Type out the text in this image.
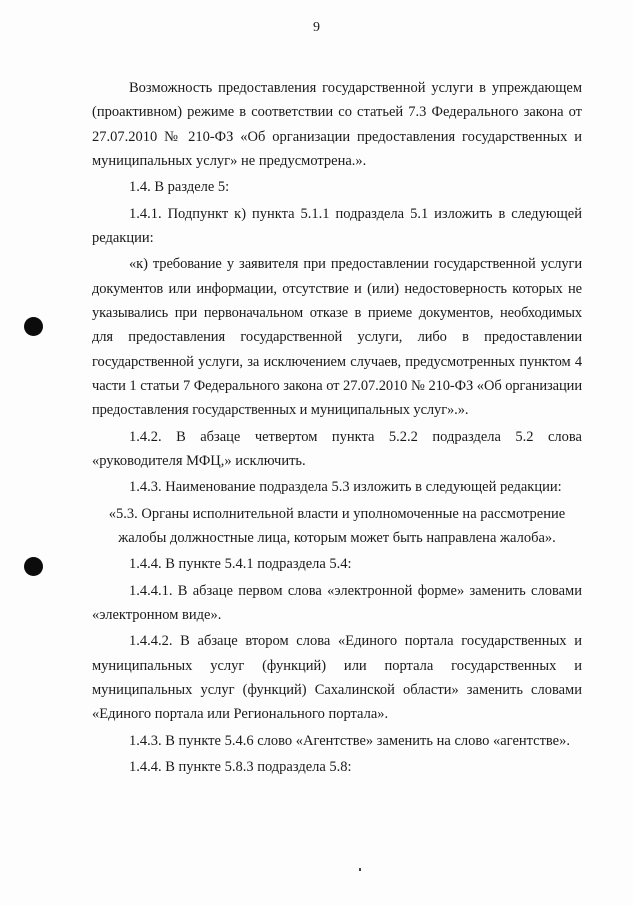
9

Возможность предоставления государственной услуги в упреждающем (проактивном) режиме в соответствии со статьей 7.3 Федерального закона от 27.07.2010 № 210-ФЗ «Об организации предоставления государственных и муниципальных услуг» не предусмотрена.».

1.4. В разделе 5:

1.4.1. Подпункт к) пункта 5.1.1 подраздела 5.1 изложить в следующей редакции:

«к) требование у заявителя при предоставлении государственной услуги документов или информации, отсутствие и (или) недостоверность которых не указывались при первоначальном отказе в приеме документов, необходимых для предоставления государственной услуги, либо в предоставлении государственной услуги, за исключением случаев, предусмотренных пунктом 4 части 1 статьи 7 Федерального закона от 27.07.2010 № 210-ФЗ «Об организации предоставления государственных и муниципальных услуг».».

1.4.2. В абзаце четвертом пункта 5.2.2 подраздела 5.2 слова «руководителя МФЦ,» исключить.

1.4.3. Наименование подраздела 5.3 изложить в следующей редакции:

«5.3. Органы исполнительной власти и уполномоченные на рассмотрение жалобы должностные лица, которым может быть направлена жалоба».

1.4.4. В пункте 5.4.1 подраздела 5.4:

1.4.4.1. В абзаце первом слова «электронной форме» заменить словами «электронном виде».

1.4.4.2. В абзаце втором слова «Единого портала государственных и муниципальных услуг (функций) или портала государственных и муниципальных услуг (функций) Сахалинской области» заменить словами «Единого портала или Регионального портала».

1.4.3. В пункте 5.4.6 слово «Агентстве» заменить на слово «агентстве».

1.4.4. В пункте 5.8.3 подраздела 5.8:
